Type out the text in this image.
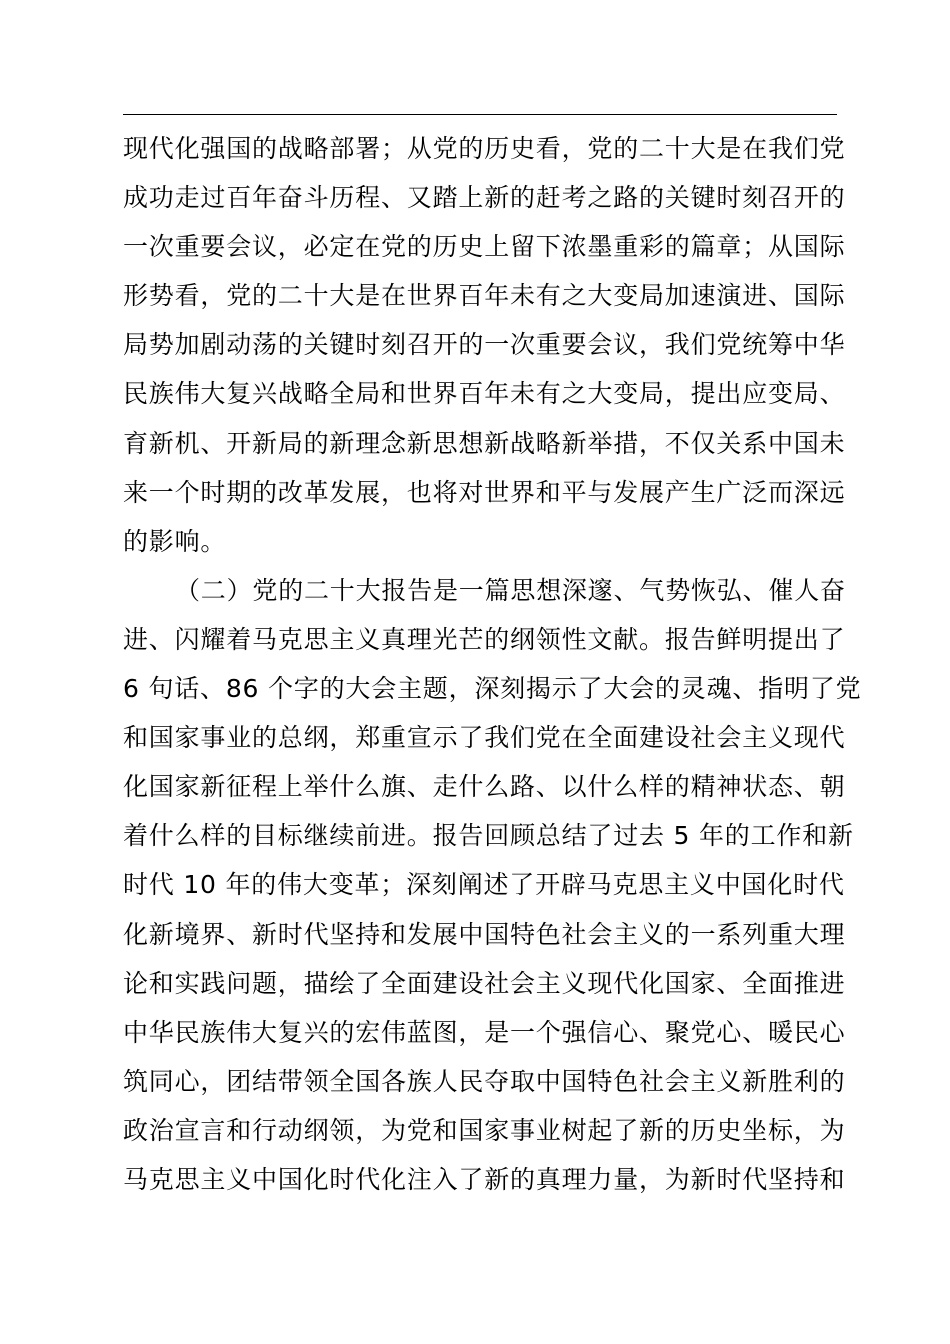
现代化强国的战略部署；从党的历史看，党的二十大是在我们党
成功走过百年奋斗历程、又踏上新的赶考之路的关键时刻召开的
一次重要会议，必定在党的历史上留下浓墨重彩的篇章；从国际
形势看，党的二十大是在世界百年未有之大变局加速演进、国际
局势加剧动荡的关键时刻召开的一次重要会议，我们党统筹中华
民族伟大复兴战略全局和世界百年未有之大变局，提出应变局、
育新机、开新局的新理念新思想新战略新举措，不仅关系中国未
来一个时期的改革发展，也将对世界和平与发展产生广泛而深远
的影响。
（二）党的二十大报告是一篇思想深邃、气势恢弘、催人奋
进、闪耀着马克思主义真理光芒的纲领性文献。报告鲜明提出了
6 句话、86 个字的大会主题，深刻揭示了大会的灵魂、指明了党
和国家事业的总纲，郑重宣示了我们党在全面建设社会主义现代
化国家新征程上举什么旗、走什么路、以什么样的精神状态、朝
着什么样的目标继续前进。报告回顾总结了过去 5 年的工作和新
时代 10 年的伟大变革；深刻阐述了开辟马克思主义中国化时代
化新境界、新时代坚持和发展中国特色社会主义的一系列重大理
论和实践问题，描绘了全面建设社会主义现代化国家、全面推进
中华民族伟大复兴的宏伟蓝图，是一个强信心、聚党心、暖民心
筑同心，团结带领全国各族人民夺取中国特色社会主义新胜利的
政治宣言和行动纲领，为党和国家事业树起了新的历史坐标，为
马克思主义中国化时代化注入了新的真理力量，为新时代坚持和
